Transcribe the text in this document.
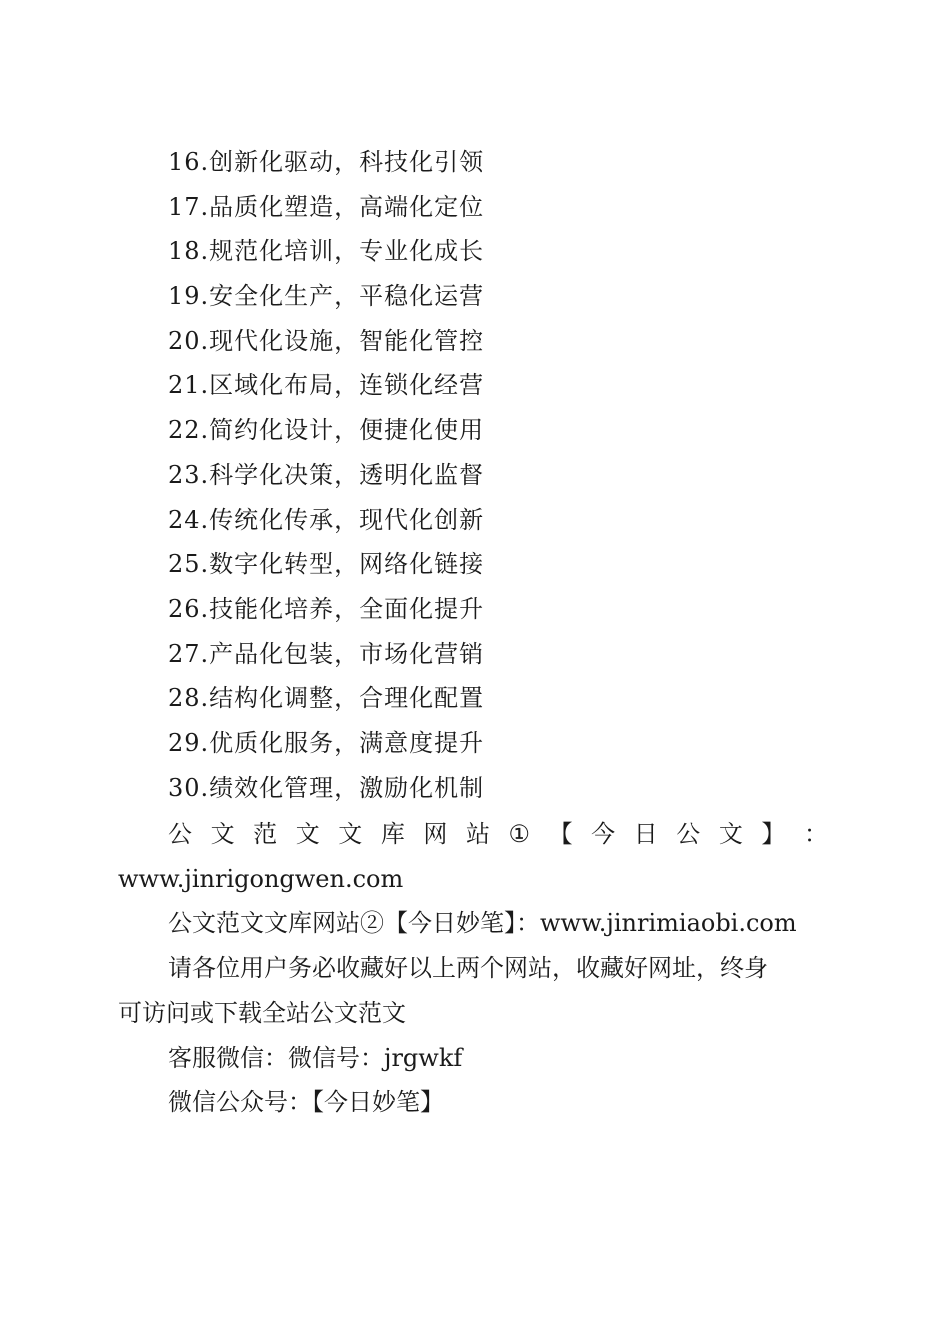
16.创新化驱动，科技化引领
17.品质化塑造，高端化定位
18.规范化培训，专业化成长
19.安全化生产，平稳化运营
20.现代化设施，智能化管控
21.区域化布局，连锁化经营
22.简约化设计，便捷化使用
23.科学化决策，透明化监督
24.传统化传承，现代化创新
25.数字化转型，网络化链接
26.技能化培养，全面化提升
27.产品化包装，市场化营销
28.结构化调整，合理化配置
29.优质化服务，满意度提升
30.绩效化管理，激励化机制
公 文 范 文 文 库 网 站 ① 【 今 日 公 文 】 ：
www.jinrigongwen.com
公文范文文库网站②【今日妙笔】：www.jinrimiaobi.com
请各位用户务必收藏好以上两个网站，收藏好网址，终身
可访问或下载全站公文范文
客服微信：微信号：jrgwkf
微信公众号：【今日妙笔】
